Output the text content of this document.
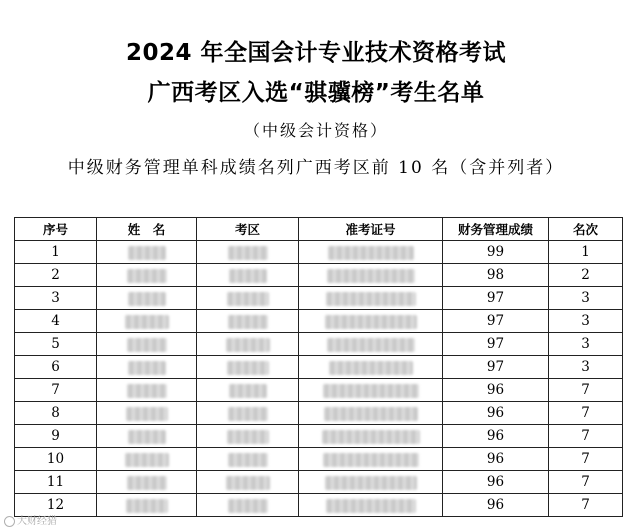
2024 年全国会计专业技术资格考试
广西考区入选“骐骥榜”考生名单
（中级会计资格）
中级财务管理单科成绩名列广西考区前 10 名（含并列者）
序号	姓　名	考区	准考证号	财务管理成绩	名次
1				99	1
2				98	2
3				97	3
4				97	3
5				97	3
6				97	3
7				96	7
8				96	7
9				96	7
10				96	7
11				96	7
12				96	7
大财经猎
